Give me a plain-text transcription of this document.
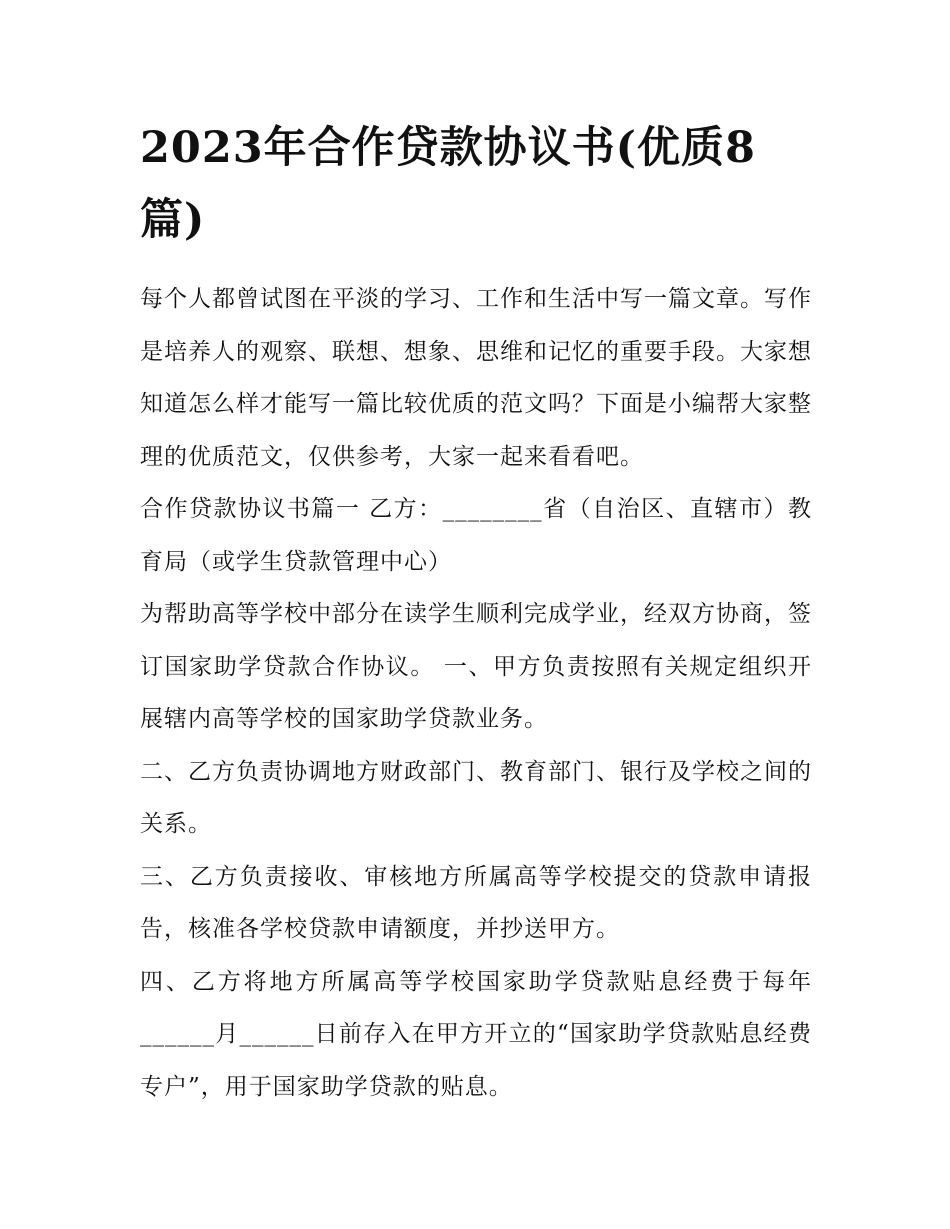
2023年合作贷款协议书(优质8篇)

每个人都曾试图在平淡的学习、工作和生活中写一篇文章。写作是培养人的观察、联想、想象、思维和记忆的重要手段。大家想知道怎么样才能写一篇比较优质的范文吗？下面是小编帮大家整理的优质范文，仅供参考，大家一起来看看吧。

合作贷款协议书篇一 乙方：________省（自治区、直辖市）教育局（或学生贷款管理中心）

为帮助高等学校中部分在读学生顺利完成学业，经双方协商，签订国家助学贷款合作协议。 一、甲方负责按照有关规定组织开展辖内高等学校的国家助学贷款业务。

二、乙方负责协调地方财政部门、教育部门、银行及学校之间的关系。

三、乙方负责接收、审核地方所属高等学校提交的贷款申请报告，核准各学校贷款申请额度，并抄送甲方。

四、乙方将地方所属高等学校国家助学贷款贴息经费于每年______月______日前存入在甲方开立的“国家助学贷款贴息经费专户”，用于国家助学贷款的贴息。
